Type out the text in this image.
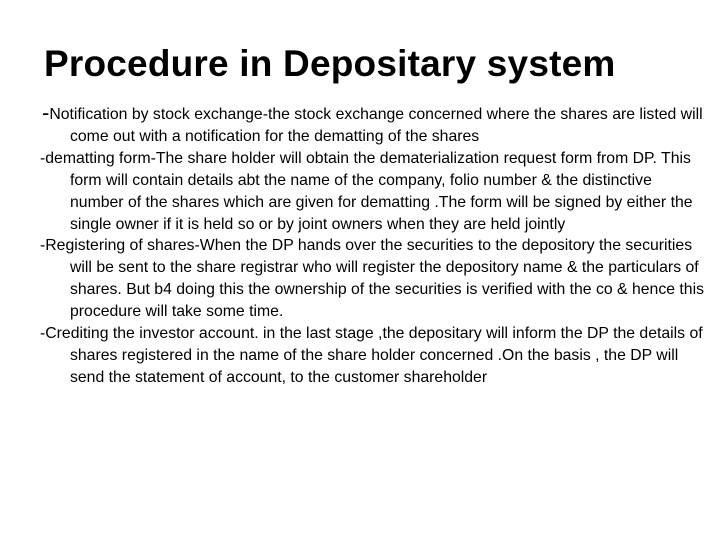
Procedure in Depositary system

-Notification by stock exchange-the stock exchange concerned where the shares are listed will come out with a notification for the dematting of the shares

-dematting form-The share holder will obtain the dematerialization request form from DP. This form will contain details abt the name of the company, folio number & the distinctive number of the shares which are given for dematting .The form will be signed by either the single owner if it is held so or by joint owners when they are held jointly

-Registering of shares-When the DP hands over the securities to the depository the securities will be sent to the share registrar who will register the depository name & the particulars of shares. But b4 doing this the ownership of the securities is verified with the co & hence this procedure will take some time.

-Crediting the investor account. in the last stage ,the depositary will inform the DP the details of shares registered in the name of the share holder concerned .On the basis , the DP will send the statement of account, to the customer shareholder
